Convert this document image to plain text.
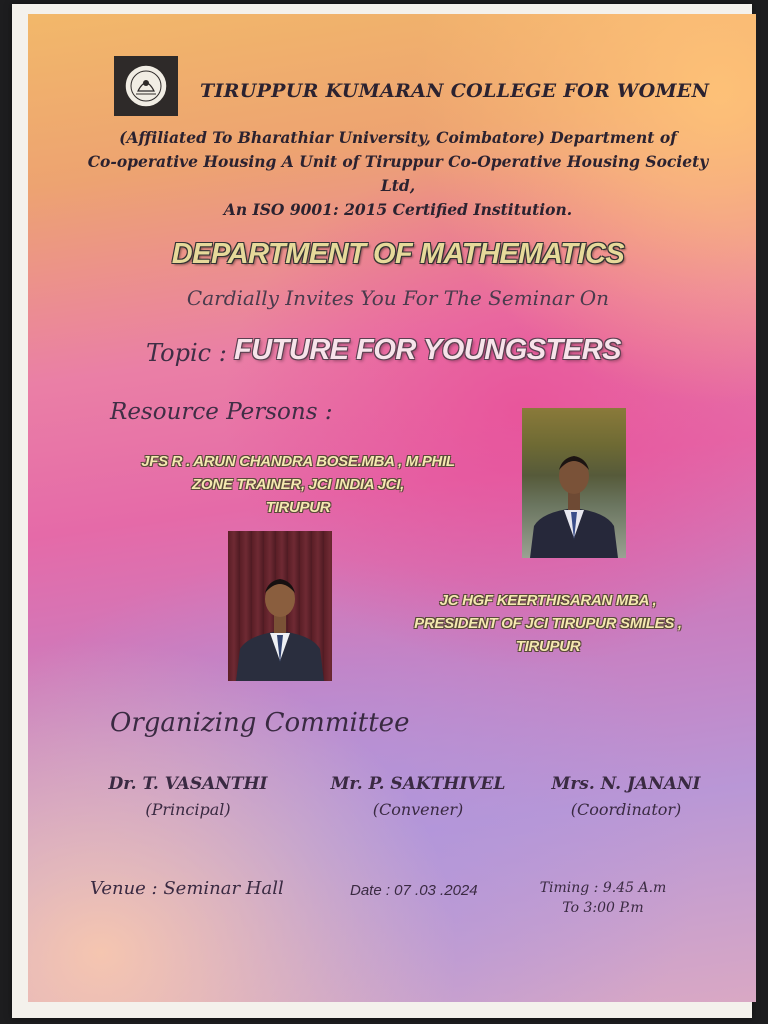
TIRUPPUR KUMARAN COLLEGE FOR WOMEN
(Affiliated To Bharathiar University, Coimbatore) Department of
Co-operative Housing A Unit of Tiruppur Co-Operative Housing Society Ltd,
An ISO 9001: 2015 Certified Institution.
DEPARTMENT OF MATHEMATICS
Cardially Invites You For The Seminar On
Topic : FUTURE FOR YOUNGSTERS
Resource Persons :
JFS R . ARUN CHANDRA BOSE.MBA , M.PHIL
ZONE TRAINER, JCI INDIA JCI,
TIRUPUR
JC HGF KEERTHISARAN MBA ,
PRESIDENT OF JCI TIRUPUR SMILES ,
TIRUPUR
Organizing Committee
Dr. T. VASANTHI
(Principal)
Mr. P. SAKTHIVEL
(Convener)
Mrs. N. JANANI
(Coordinator)
Venue : Seminar Hall	Date : 07 .03 .2024	Timing : 9.45 A.m
To 3:00 P.m
